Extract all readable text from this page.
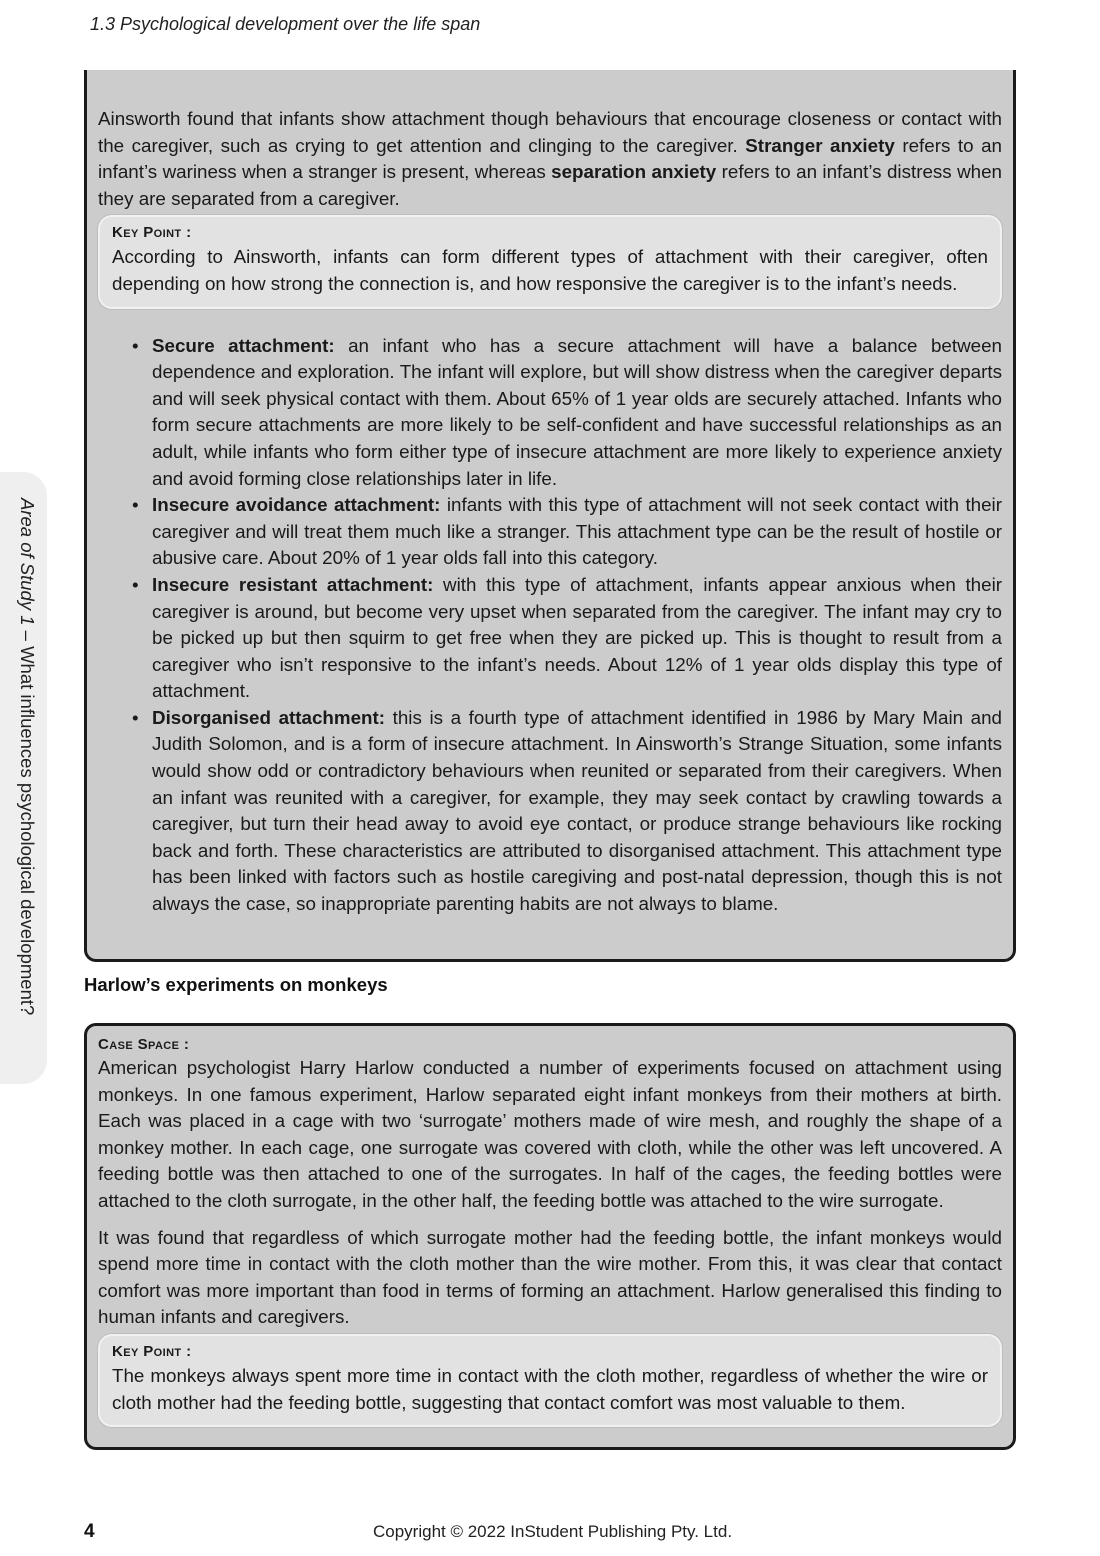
1.3 Psychological development over the life span
Area of Study 1 – What influences psychological development?

Ainsworth found that infants show attachment though behaviours that encourage closeness or contact with the caregiver, such as crying to get attention and clinging to the caregiver. Stranger anxiety refers to an infant’s wariness when a stranger is present, whereas separation anxiety refers to an infant’s distress when they are separated from a caregiver.

Key Point :

According to Ainsworth, infants can form different types of attachment with their caregiver, often depending on how strong the connection is, and how responsive the caregiver is to the infant’s needs.

• Secure attachment: an infant who has a secure attachment will have a balance between dependence and exploration. The infant will explore, but will show distress when the caregiver departs and will seek physical contact with them. About 65% of 1 year olds are securely attached. Infants who form secure attachments are more likely to be self-confident and have successful relationships as an adult, while infants who form either type of insecure attachment are more likely to experience anxiety and avoid forming close relationships later in life.
• Insecure avoidance attachment: infants with this type of attachment will not seek contact with their caregiver and will treat them much like a stranger. This attachment type can be the result of hostile or abusive care. About 20% of 1 year olds fall into this category.
• Insecure resistant attachment: with this type of attachment, infants appear anxious when their caregiver is around, but become very upset when separated from the caregiver. The infant may cry to be picked up but then squirm to get free when they are picked up. This is thought to result from a caregiver who isn’t responsive to the infant’s needs. About 12% of 1 year olds display this type of attachment.
• Disorganised attachment: this is a fourth type of attachment identified in 1986 by Mary Main and Judith Solomon, and is a form of insecure attachment. In Ainsworth’s Strange Situation, some infants would show odd or contradictory behaviours when reunited or separated from their caregivers. When an infant was reunited with a caregiver, for example, they may seek contact by crawling towards a caregiver, but turn their head away to avoid eye contact, or produce strange behaviours like rocking back and forth. These characteristics are attributed to disorganised attachment. This attachment type has been linked with factors such as hostile caregiving and post-natal depression, though this is not always the case, so inappropriate parenting habits are not always to blame.
Harlow’s experiments on monkeys
Case Space :

American psychologist Harry Harlow conducted a number of experiments focused on attachment using monkeys. In one famous experiment, Harlow separated eight infant monkeys from their mothers at birth. Each was placed in a cage with two ‘surrogate’ mothers made of wire mesh, and roughly the shape of a monkey mother. In each cage, one surrogate was covered with cloth, while the other was left uncovered. A feeding bottle was then attached to one of the surrogates. In half of the cages, the feeding bottles were attached to the cloth surrogate, in the other half, the feeding bottle was attached to the wire surrogate.

It was found that regardless of which surrogate mother had the feeding bottle, the infant monkeys would spend more time in contact with the cloth mother than the wire mother. From this, it was clear that contact comfort was more important than food in terms of forming an attachment. Harlow generalised this finding to human infants and caregivers.

Key Point :

The monkeys always spent more time in contact with the cloth mother, regardless of whether the wire or cloth mother had the feeding bottle, suggesting that contact comfort was most valuable to them.

4	Copyright © 2022 InStudent Publishing Pty. Ltd.
